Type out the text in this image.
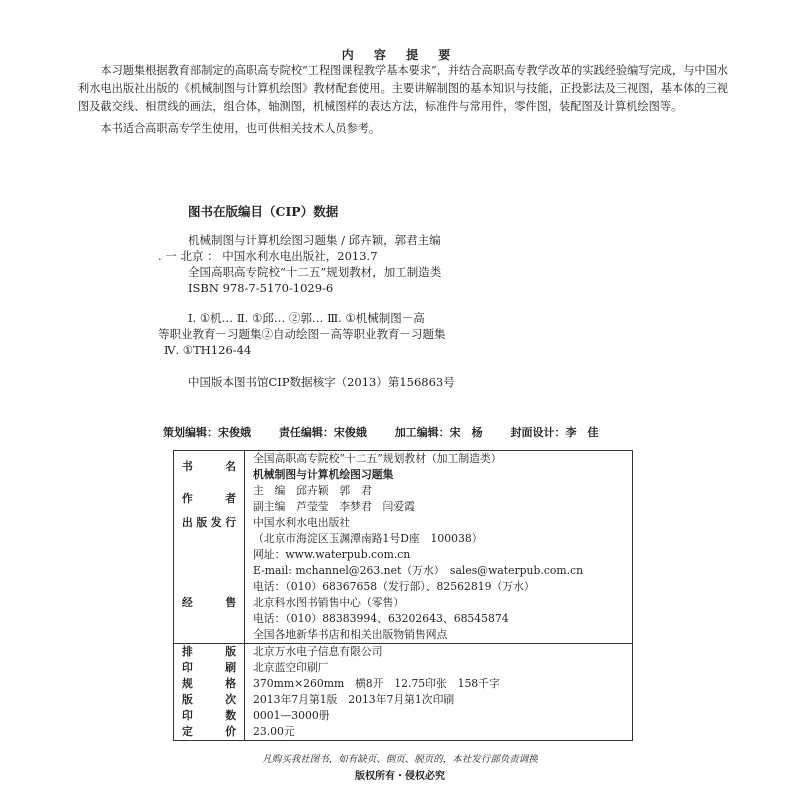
内 容 提 要

本习题集根据教育部制定的高职高专院校“工程图课程教学基本要求”，并结合高职高专教学改革的实践经验编写完成，与中国水利水电出版社出版的《机械制图与计算机绘图》教材配套使用。主要讲解制图的基本知识与技能，正投影法及三视图，基本体的三视图及截交线、相贯线的画法，组合体，轴测图，机械图样的表达方法，标准件与常用件，零件图，装配图及计算机绘图等。

本书适合高职高专学生使用，也可供相关技术人员参考。

图书在版编目（CIP）数据
机械制图与计算机绘图习题集 / 邱卉颖，郭君主编
. 一 北京 ： 中国水利水电出版社，2013.7
全国高职高专院校“十二五”规划教材，加工制造类
ISBN 978-7-5170-1029-6
Ⅰ. ①机… Ⅱ. ①邱… ②郭… Ⅲ. ①机械制图－高
等职业教育－习题集②自动绘图－高等职业教育－习题集
Ⅳ. ①TH126-44
中国版本图书馆CIP数据核字（2013）第156863号
策划编辑：宋俊娥	责任编辑：宋俊娥	加工编辑：宋　杨	封面设计：李　佳
书名	全国高职高专院校“十二五”规划教材（加工制造类）
	机械制图与计算机绘图习题集
作者	主　编　邱卉颖　郭　君
	副主编　芦莹莹　李梦君　闫爱霞
出版发行	中国水利水电出版社
	（北京市海淀区玉渊潭南路1号D座　100038）
	网址：www.waterpub.com.cn
	E-mail: mchannel@263.net（万水）　sales@waterpub.com.cn
	电话：（010）68367658（发行部）、82562819（万水）
经售	北京科水图书销售中心（零售）
	电话：（010）88383994、63202643、68545874
	全国各地新华书店和相关出版物销售网点
排版	北京万水电子信息有限公司
印刷	北京蓝空印刷厂
规格	370mm×260mm　横8开　12.75印张　158千字
版次	2013年7月第1版　2013年7月第1次印刷
印数	0001—3000册
定价	23.00元
凡购买我社图书，如有缺页、倒页、脱页的，本社发行部负责调换
版权所有・侵权必究
